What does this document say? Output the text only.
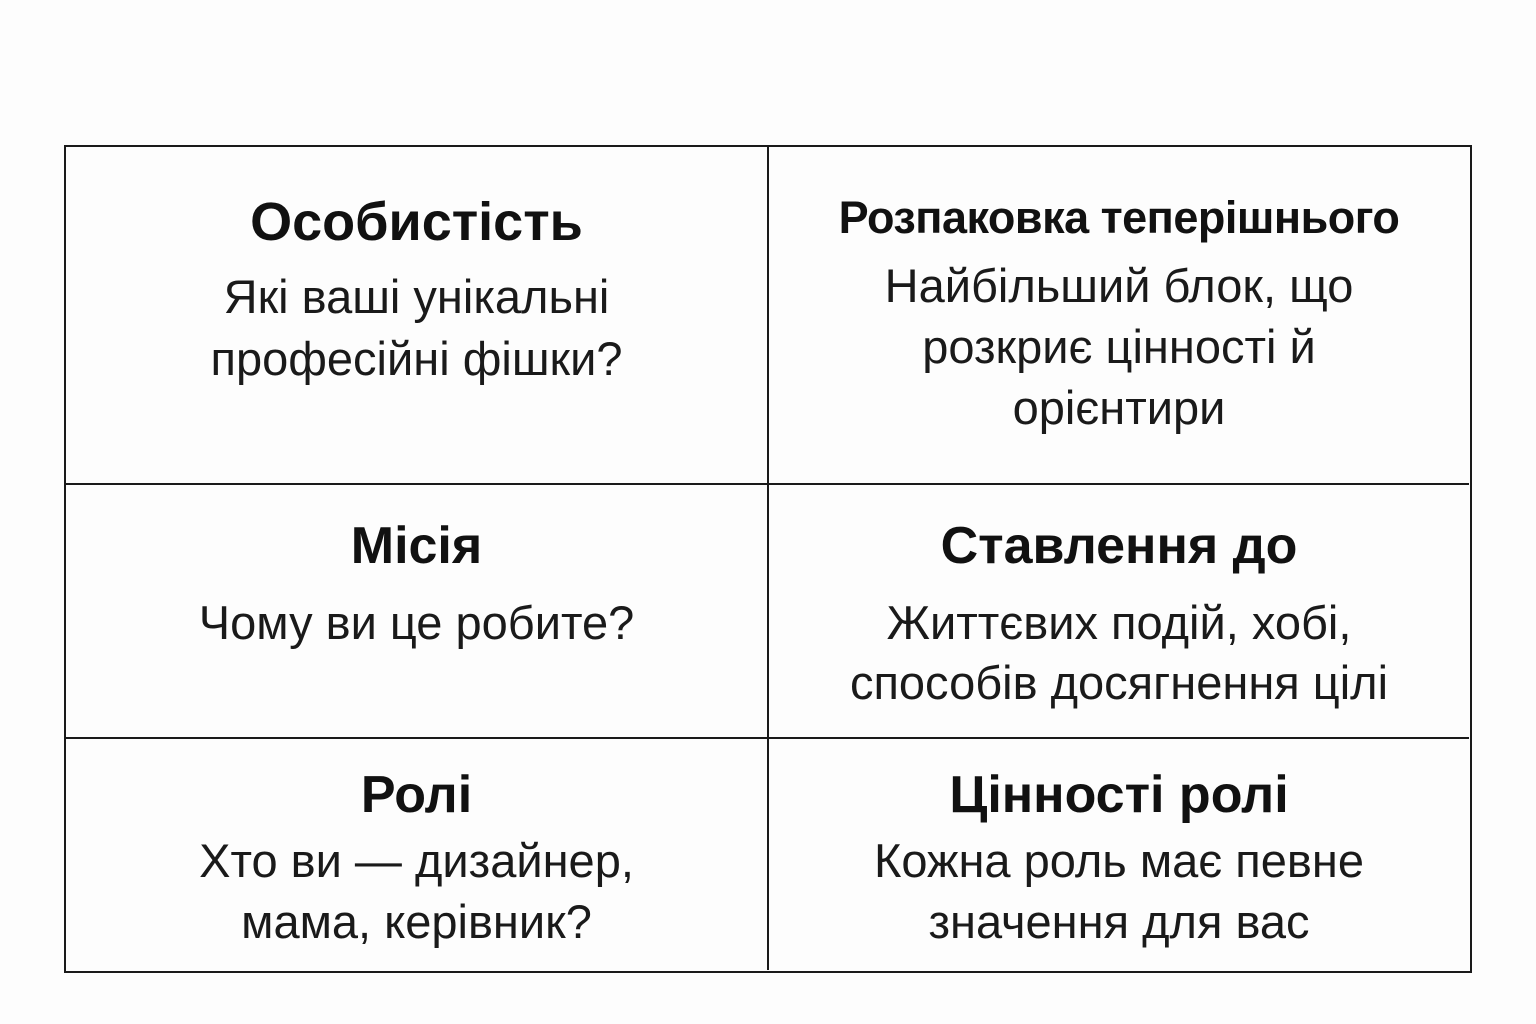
Особистість
Які ваші унікальні
професійні фішки?
Розпаковка теперішнього
Найбільший блок, що
розкриє цінності й
орієнтири
Місія
Чому ви це робите?
Ставлення до
Життєвих подій, хобі,
способів досягнення цілі
Ролі
Хто ви — дизайнер,
мама, керівник?
Цінності ролі
Кожна роль має певне
значення для вас
